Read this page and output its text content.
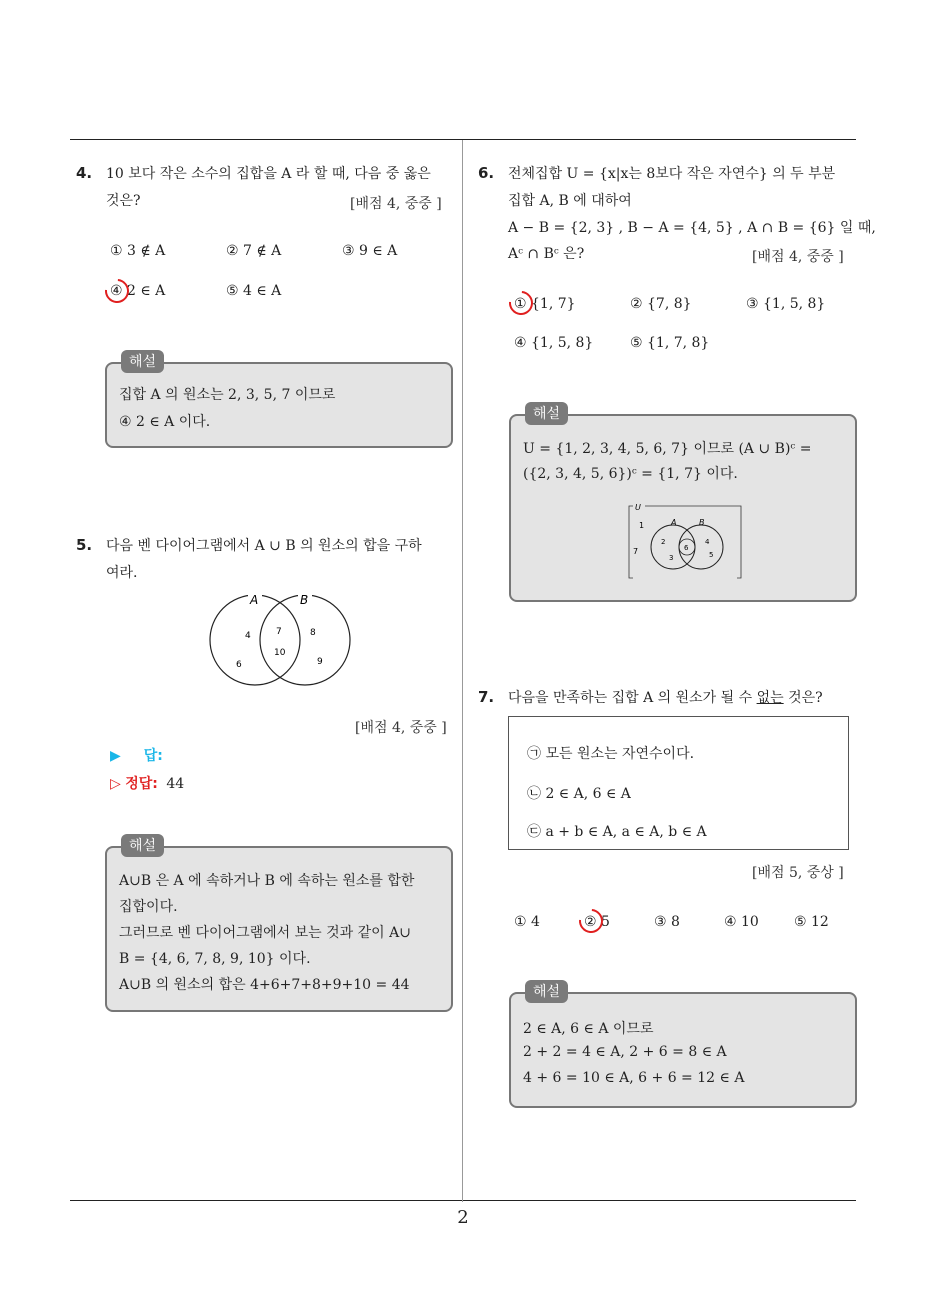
4. 10 보다 작은 소수의 집합을 A 라 할 때, 다음 중 옳은
것은?	[배점 4, 중중 ]
① 3 ∉ A	② 7 ∉ A	③ 9 ∈ A
④ 2 ∈ A	⑤ 4 ∈ A
해설
집합 A 의 원소는 2, 3, 5, 7 이므로
④ 2 ∈ A 이다.
5. 다음 벤 다이어그램에서 A ∪ B 의 원소의 합을 구하
여라.
A	B
4
6
7
10
8
9
[배점 4, 중중 ]
▶ 답:
▷ 정답: 44
해설
A∪B 은 A 에 속하거나 B 에 속하는 원소를 합한
집합이다.
그러므로 벤 다이어그램에서 보는 것과 같이 A∪
B = {4, 6, 7, 8, 9, 10} 이다.
A∪B 의 원소의 합은 4+6+7+8+9+10 = 44
6. 전체집합 U = {x|x는 8보다 작은 자연수} 의 두 부분
집합 A, B 에 대하여
A − B = {2, 3} , B − A = {4, 5} , A ∩ B = {6} 일 때,
Aᶜ ∩ Bᶜ 은?	[배점 4, 중중 ]
① {1, 7}	② {7, 8}	③ {1, 5, 8}
④ {1, 5, 8}	⑤ {1, 7, 8}
해설
U = {1, 2, 3, 4, 5, 6, 7} 이므로 (A ∪ B)ᶜ =
({2, 3, 4, 5, 6})ᶜ = {1, 7} 이다.
U
A	B
1
7
2
3
6
4
5
7. 다음을 만족하는 집합 A 의 원소가 될 수 없는 것은?
㉠ 모든 원소는 자연수이다.
㉡ 2 ∈ A, 6 ∈ A
㉢ a + b ∈ A, a ∈ A, b ∈ A
[배점 5, 중상 ]
① 4	② 5	③ 8	④ 10	⑤ 12
해설
2 ∈ A, 6 ∈ A 이므로
2 + 2 = 4 ∈ A, 2 + 6 = 8 ∈ A
4 + 6 = 10 ∈ A, 6 + 6 = 12 ∈ A
2
